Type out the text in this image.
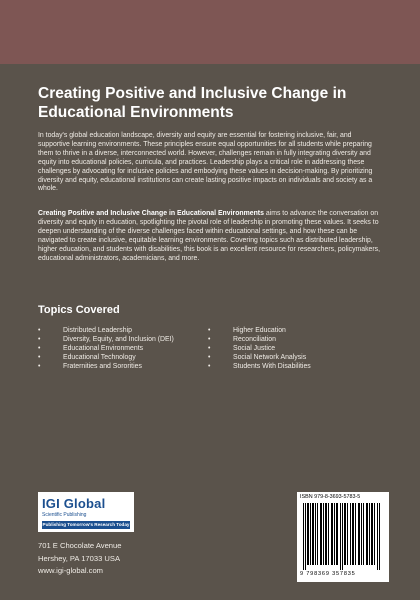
Creating Positive and Inclusive Change in Educational Environments

In today's global education landscape, diversity and equity are essential for fostering inclusive, fair, and supportive learning environments. These principles ensure equal opportunities for all students while preparing them to thrive in a diverse, interconnected world. However, challenges remain in fully integrating diversity and equity into educational policies, curricula, and practices. Leadership plays a critical role in addressing these challenges by advocating for inclusive policies and embodying these values in decision-making. By prioritizing diversity and equity, educational institutions can create lasting positive impacts on individuals and society as a whole.

Creating Positive and Inclusive Change in Educational Environments aims to advance the conversation on diversity and equity in education, spotlighting the pivotal role of leadership in promoting these values. It seeks to deepen understanding of the diverse challenges faced within educational settings, and how these can be navigated to create inclusive, equitable learning environments. Covering topics such as distributed leadership, higher education, and students with disabilities, this book is an excellent resource for researchers, policymakers, educational administrators, academicians, and more.

Topics Covered
•	Distributed Leadership
•	Diversity, Equity, and Inclusion (DEI)
•	Educational Environments
•	Educational Technology
•	Fraternities and Sororities
•	Higher Education
•	Reconciliation
•	Social Justice
•	Social Network Analysis
•	Students With Disabilities
IGI Global
Scientific Publishing
Publishing Tomorrow's Research Today
701 E Chocolate Avenue
Hershey, PA 17033 USA
www.igi-global.com
ISBN 979-8-3693-5783-5
9 798369 357835
